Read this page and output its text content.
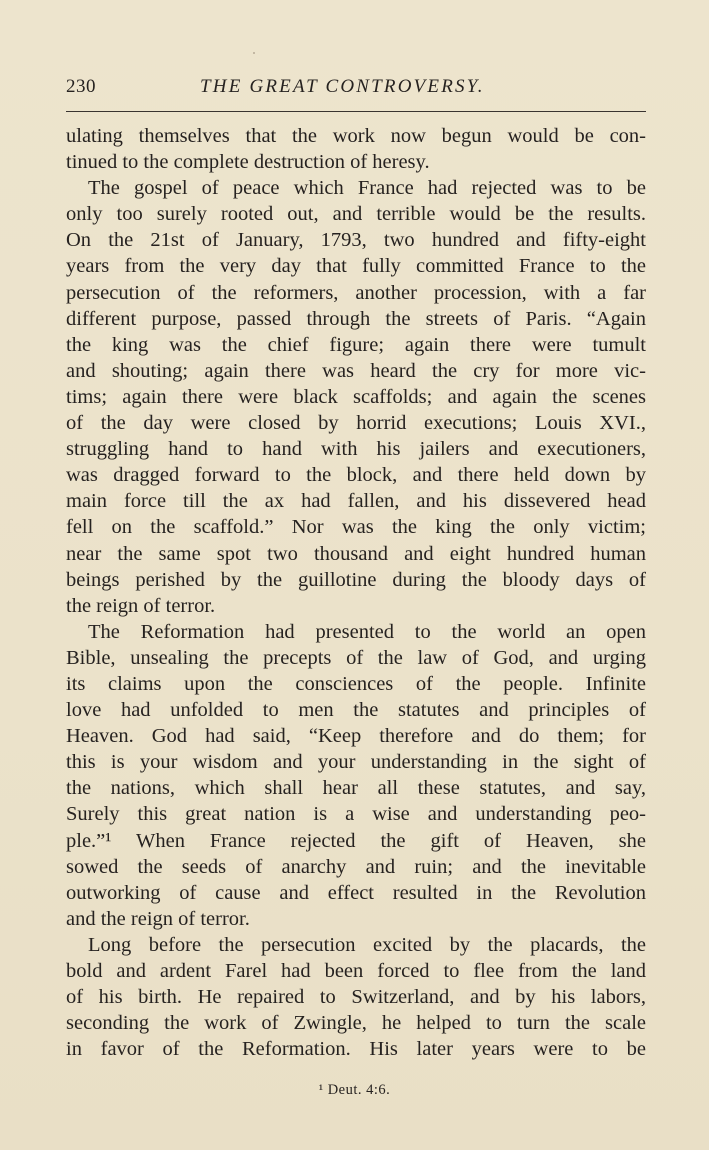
230	THE GREAT CONTROVERSY.
ulating themselves that the work now begun would be con-
tinued to the complete destruction of heresy.
The gospel of peace which France had rejected was to be
only too surely rooted out, and terrible would be the results.
On the 21st of January, 1793, two hundred and fifty-eight
years from the very day that fully committed France to the
persecution of the reformers, another procession, with a far
different purpose, passed through the streets of Paris. “Again
the king was the chief figure; again there were tumult
and shouting; again there was heard the cry for more vic-
tims; again there were black scaffolds; and again the scenes
of the day were closed by horrid executions; Louis XVI.,
struggling hand to hand with his jailers and executioners,
was dragged forward to the block, and there held down by
main force till the ax had fallen, and his dissevered head
fell on the scaffold.” Nor was the king the only victim;
near the same spot two thousand and eight hundred human
beings perished by the guillotine during the bloody days of
the reign of terror.
The Reformation had presented to the world an open
Bible, unsealing the precepts of the law of God, and urging
its claims upon the consciences of the people. Infinite
love had unfolded to men the statutes and principles of
Heaven. God had said, “Keep therefore and do them; for
this is your wisdom and your understanding in the sight of
the nations, which shall hear all these statutes, and say,
Surely this great nation is a wise and understanding peo-
ple.”¹ When France rejected the gift of Heaven, she
sowed the seeds of anarchy and ruin; and the inevitable
outworking of cause and effect resulted in the Revolution
and the reign of terror.
Long before the persecution excited by the placards, the
bold and ardent Farel had been forced to flee from the land
of his birth. He repaired to Switzerland, and by his labors,
seconding the work of Zwingle, he helped to turn the scale
in favor of the Reformation. His later years were to be
¹ Deut. 4:6.
